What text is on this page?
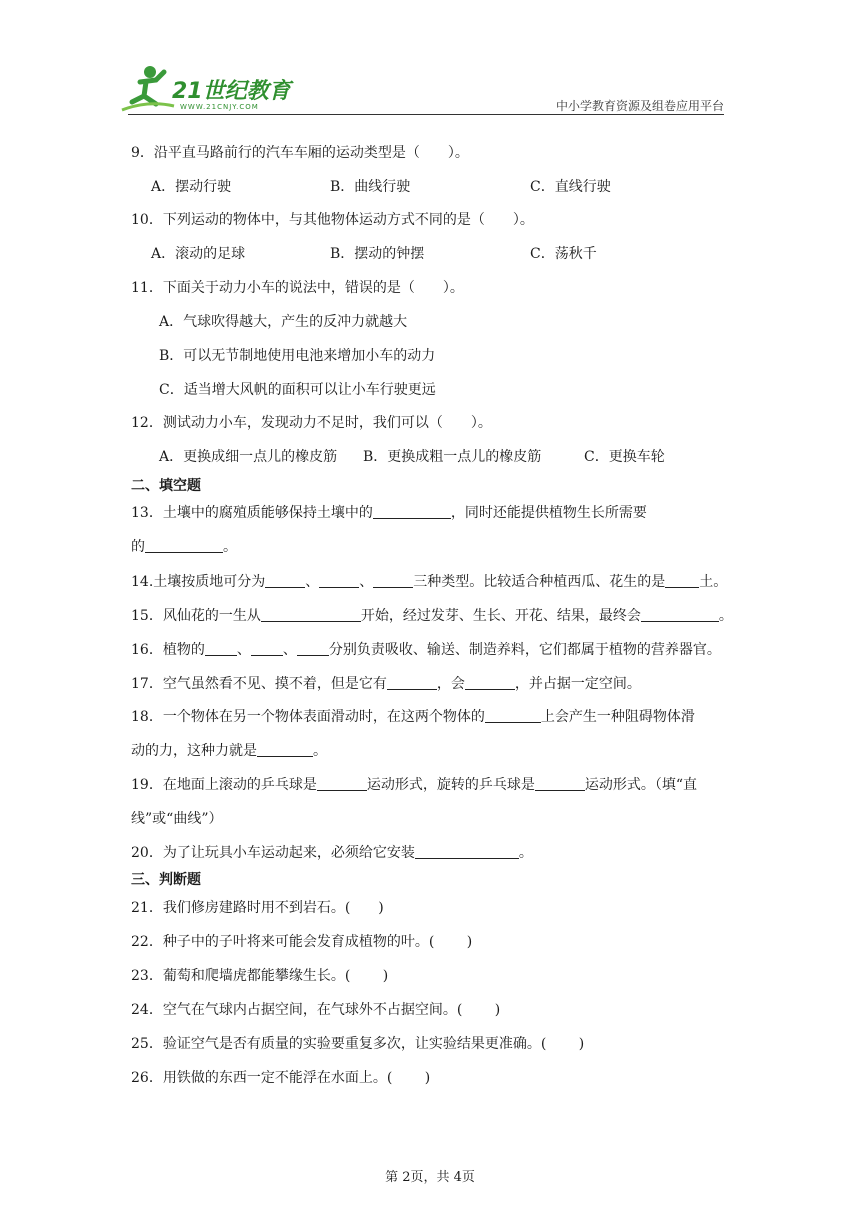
21世纪教育
WWW.21CNJY.COM	中小学教育资源及组卷应用平台
9．沿平直马路前行的汽车车厢的运动类型是（　　）。
A．摆动行驶	B．曲线行驶	C．直线行驶
10．下列运动的物体中，与其他物体运动方式不同的是（　　）。
A．滚动的足球	B．摆动的钟摆	C．荡秋千
11．下面关于动力小车的说法中，错误的是（　　）。
A．气球吹得越大，产生的反冲力就越大
B．可以无节制地使用电池来增加小车的动力
C．适当增大风帆的面积可以让小车行驶更远
12．测试动力小车，发现动力不足时，我们可以（　　）。
A．更换成细一点儿的橡皮筋 B．更换成粗一点儿的橡皮筋	C．更换车轮
二、填空题
13．土壤中的腐殖质能够保持土壤中的	，同时还能提供植物生长所需要
的	。
14.土壤按质地可分为	、	、	三种类型。比较适合种植西瓜、花生的是 土。
15．风仙花的一生从	开始，经过发芽、生长、开花、结果，最终会	。
16．植物的 、 、 分别负责吸收、输送、制造养料，它们都属于植物的营养器官。
17．空气虽然看不见、摸不着，但是它有	，会	，并占据一定空间。
18．一个物体在另一个物体表面滑动时，在这两个物体的	上会产生一种阻碍物体滑
动的力，这种力就是	。
19．在地面上滚动的乒乓球是	运动形式，旋转的乒乓球是	运动形式。（填“直
线”或“曲线”）
20．为了让玩具小车运动起来，必须给它安装	。
三、判断题
21．我们修房建路时用不到岩石。(　　)
22．种子中的子叶将来可能会发育成植物的叶。(　　 )
23．葡萄和爬墙虎都能攀缘生长。(　　 )
24．空气在气球内占据空间，在气球外不占据空间。(　　 )
25．验证空气是否有质量的实验要重复多次，让实验结果更准确。(　　 )
26．用铁做的东西一定不能浮在水面上。(　　 )
第 2页，共 4页
